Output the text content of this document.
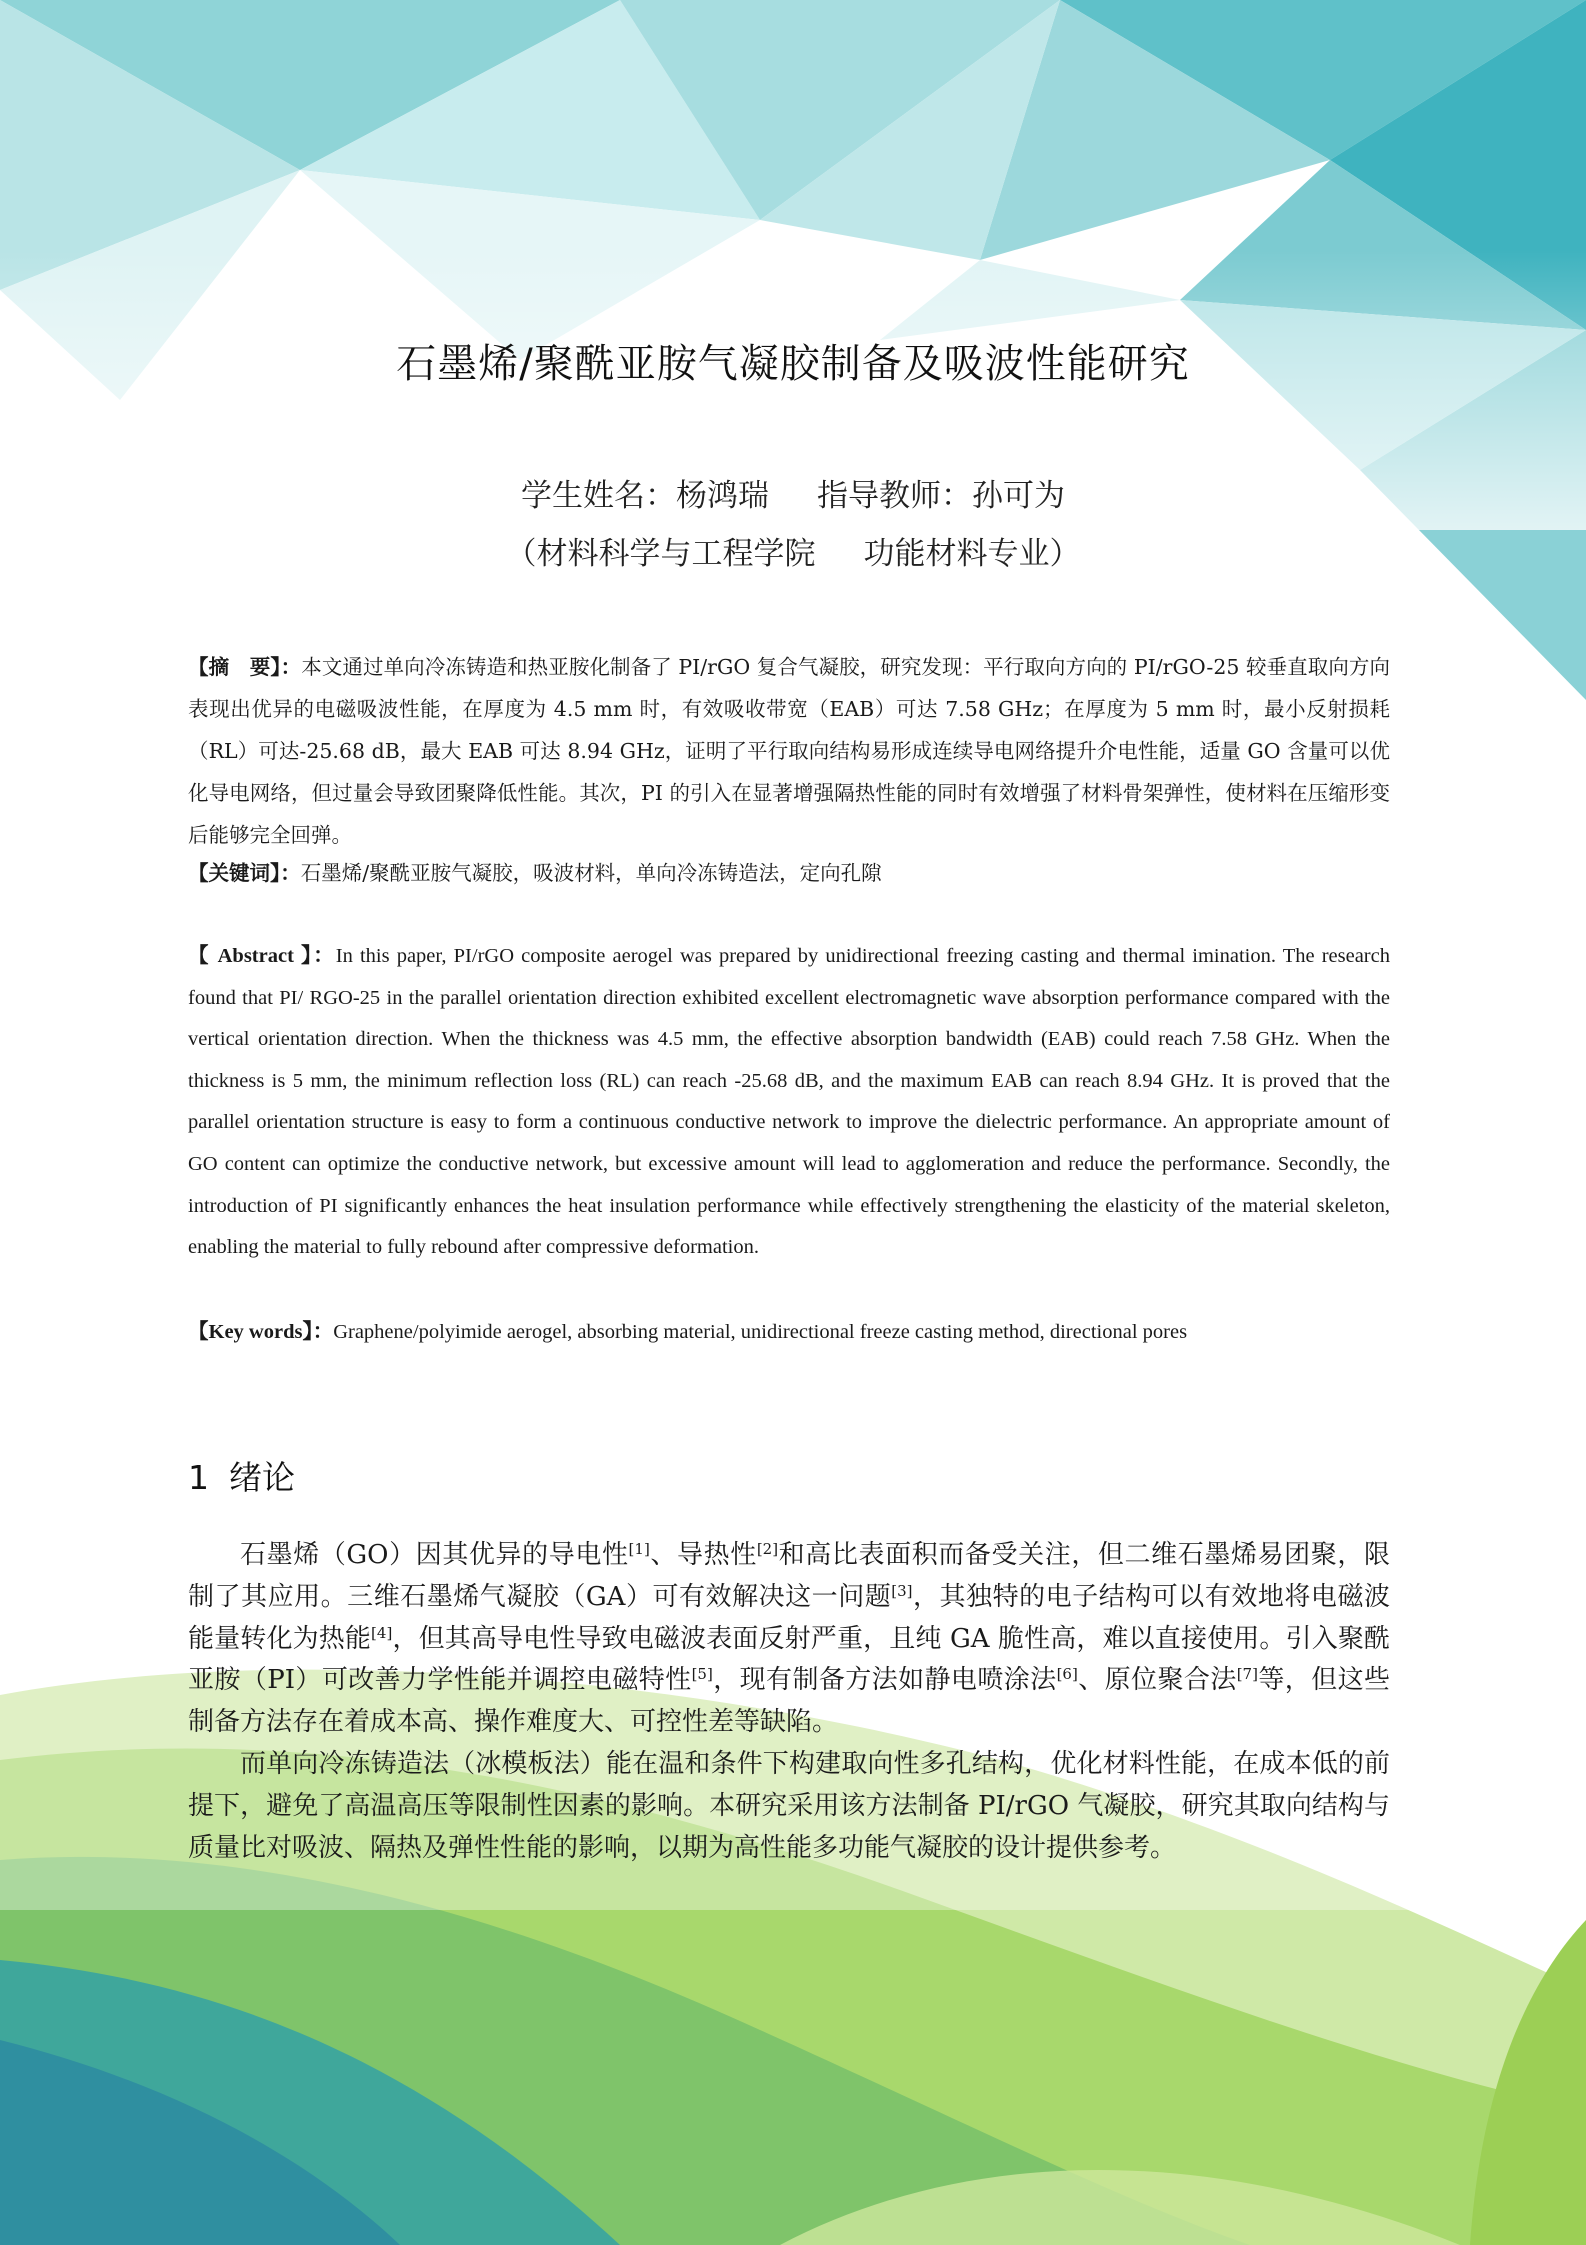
石墨烯/聚酰亚胺气凝胶制备及吸波性能研究
学生姓名：杨鸿瑞 指导教师：孙可为
（材料科学与工程学院 功能材料专业）
【摘 要】：本文通过单向冷冻铸造和热亚胺化制备了 PI/rGO 复合气凝胶，研究发现：平行取向方向的 PI/rGO-25 较垂直取向方向表现出优异的电磁吸波性能，在厚度为 4.5 mm 时，有效吸收带宽（EAB）可达 7.58 GHz；在厚度为 5 mm 时，最小反射损耗（RL）可达-25.68 dB，最大 EAB 可达 8.94 GHz，证明了平行取向结构易形成连续导电网络提升介电性能，适量 GO 含量可以优化导电网络，但过量会导致团聚降低性能。其次，PI 的引入在显著增强隔热性能的同时有效增强了材料骨架弹性，使材料在压缩形变后能够完全回弹。
【关键词】：石墨烯/聚酰亚胺气凝胶，吸波材料，单向冷冻铸造法，定向孔隙
【 Abstract 】：In this paper, PI/rGO composite aerogel was prepared by unidirectional freezing casting and thermal imination. The research found that PI/ RGO-25 in the parallel orientation direction exhibited excellent electromagnetic wave absorption performance compared with the vertical orientation direction. When the thickness was 4.5 mm, the effective absorption bandwidth (EAB) could reach 7.58 GHz. When the thickness is 5 mm, the minimum reflection loss (RL) can reach -25.68 dB, and the maximum EAB can reach 8.94 GHz. It is proved that the parallel orientation structure is easy to form a continuous conductive network to improve the dielectric performance. An appropriate amount of GO content can optimize the conductive network, but excessive amount will lead to agglomeration and reduce the performance. Secondly, the introduction of PI significantly enhances the heat insulation performance while effectively strengthening the elasticity of the material skeleton, enabling the material to fully rebound after compressive deformation.
【Key words】：Graphene/polyimide aerogel, absorbing material, unidirectional freeze casting method, directional pores
1 绪论

石墨烯（GO）因其优异的导电性[1]、导热性[2]和高比表面积而备受关注，但二维石墨烯易团聚，限制了其应用。三维石墨烯气凝胶（GA）可有效解决这一问题[3]，其独特的电子结构可以有效地将电磁波能量转化为热能[4]，但其高导电性导致电磁波表面反射严重，且纯 GA 脆性高，难以直接使用。引入聚酰亚胺（PI）可改善力学性能并调控电磁特性[5]，现有制备方法如静电喷涂法[6]、原位聚合法[7]等，但这些制备方法存在着成本高、操作难度大、可控性差等缺陷。

而单向冷冻铸造法（冰模板法）能在温和条件下构建取向性多孔结构，优化材料性能，在成本低的前提下，避免了高温高压等限制性因素的影响。本研究采用该方法制备 PI/rGO 气凝胶，研究其取向结构与质量比对吸波、隔热及弹性性能的影响，以期为高性能多功能气凝胶的设计提供参考。
